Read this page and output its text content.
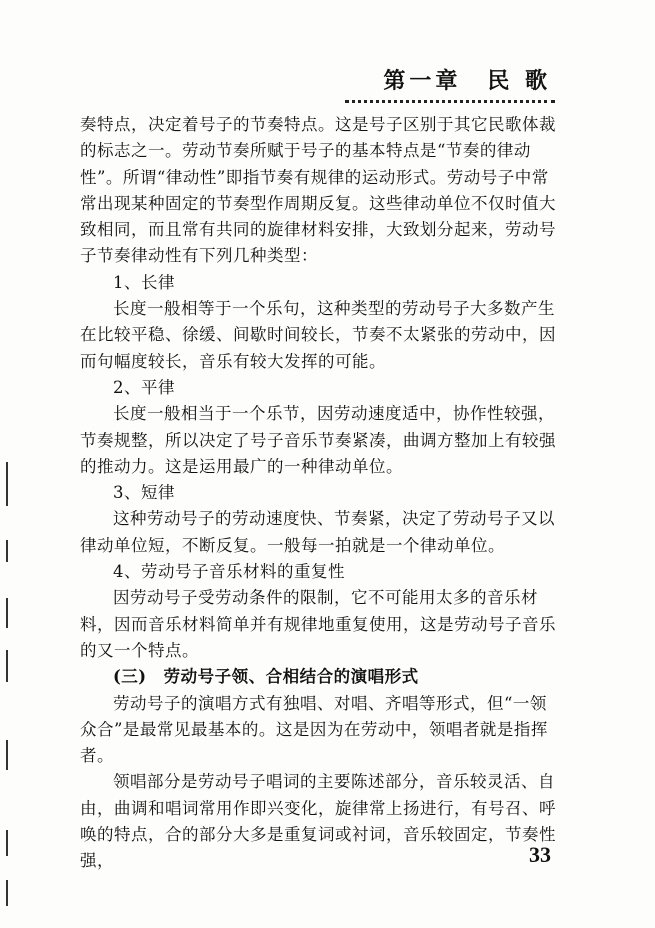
第一章　民 歌

奏特点，决定着号子的节奏特点。这是号子区别于其它民歌体裁的标志之一。劳动节奏所赋于号子的基本特点是“节奏的律动性”。所谓“律动性”即指节奏有规律的运动形式。劳动号子中常常出现某种固定的节奏型作周期反复。这些律动单位不仅时值大致相同，而且常有共同的旋律材料安排，大致划分起来，劳动号子节奏律动性有下列几种类型：

1、长律

长度一般相等于一个乐句，这种类型的劳动号子大多数产生在比较平稳、徐缓、间歇时间较长，节奏不太紧张的劳动中，因而句幅度较长，音乐有较大发挥的可能。

2、平律

长度一般相当于一个乐节，因劳动速度适中，协作性较强，节奏规整，所以决定了号子音乐节奏紧凑，曲调方整加上有较强的推动力。这是运用最广的一种律动单位。

3、短律

这种劳动号子的劳动速度快、节奏紧，决定了劳动号子又以律动单位短，不断反复。一般每一拍就是一个律动单位。

4、劳动号子音乐材料的重复性

因劳动号子受劳动条件的限制，它不可能用太多的音乐材料，因而音乐材料简单并有规律地重复使用，这是劳动号子音乐的又一个特点。

(三)　劳动号子领、合相结合的演唱形式

劳动号子的演唱方式有独唱、对唱、齐唱等形式，但“一领众合”是最常见最基本的。这是因为在劳动中，领唱者就是指挥者。

领唱部分是劳动号子唱词的主要陈述部分，音乐较灵活、自由，曲调和唱词常用作即兴变化，旋律常上扬进行，有号召、呼唤的特点，合的部分大多是重复词或衬词，音乐较固定，节奏性强，	33
